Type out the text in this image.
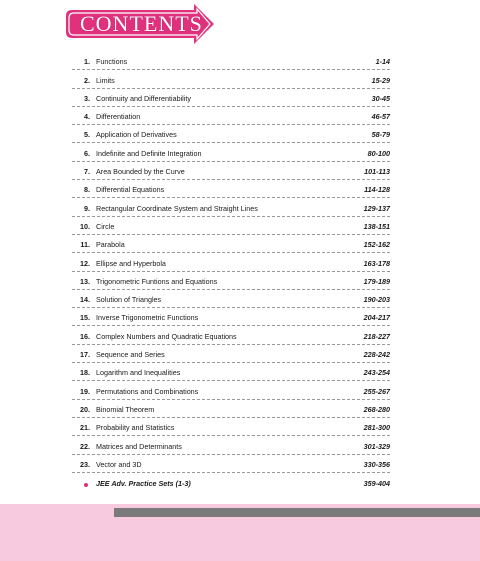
CONTENTS
1. Functions	1-14
2. Limits	15-29
3. Continuity and Differentiability	30-45
4. Differentiation	46-57
5. Application of Derivatives	58-79
6. Indefinite and Definite Integration	80-100
7. Area Bounded by the Curve	101-113
8. Differential Equations	114-128
9. Rectangular Coordinate System and Straight Lines	129-137
10. Circle	138-151
11. Parabola	152-162
12. Ellipse and Hyperbola	163-178
13. Trigonometric Funtions and Equations	179-189
14. Solution of Triangles	190-203
15. Inverse Trigonometric Functions	204-217
16. Complex Numbers and Quadratic Equations	218-227
17. Sequence and Series	228-242
18. Logarithm and Inequalities	243-254
19. Permutations and Combinations	255-267
20. Binomial Theorem	268-280
21. Probability and Statistics	281-300
22. Matrices and Determinants	301-329
23. Vector and 3D	330-356
JEE Adv. Practice Sets (1-3)	359-404
